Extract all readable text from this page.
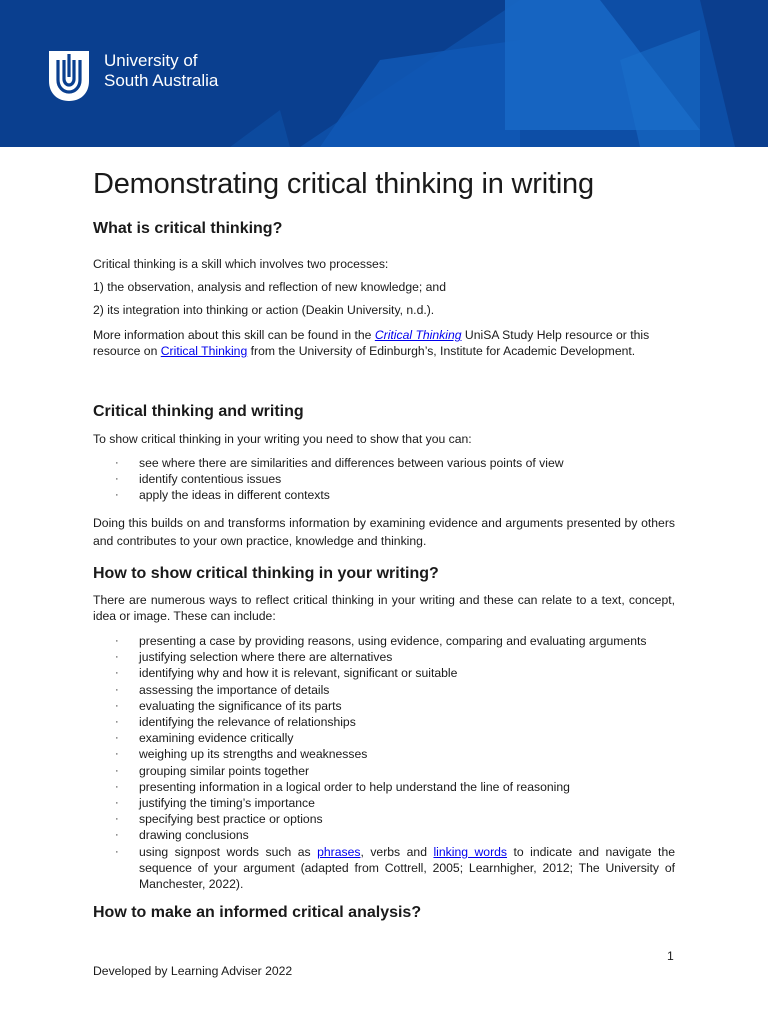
University of
South Australia
Demonstrating critical thinking in writing
What is critical thinking?

Critical thinking is a skill which involves two processes:

1) the observation, analysis and reflection of new knowledge; and

2) its integration into thinking or action (Deakin University, n.d.).

More information about this skill can be found in the Critical Thinking UniSA Study Help resource or this resource on Critical Thinking from the University of Edinburgh’s, Institute for Academic Development.

Critical thinking and writing

To show critical thinking in your writing you need to show that you can:

· see where there are similarities and differences between various points of view
· identify contentious issues
· apply the ideas in different contexts

Doing this builds on and transforms information by examining evidence and arguments presented by others and contributes to your own practice, knowledge and thinking.

How to show critical thinking in your writing?

There are numerous ways to reflect critical thinking in your writing and these can relate to a text, concept, idea or image. These can include:

· presenting a case by providing reasons, using evidence, comparing and evaluating arguments
· justifying selection where there are alternatives
· identifying why and how it is relevant, significant or suitable
· assessing the importance of details
· evaluating the significance of its parts
· identifying the relevance of relationships
· examining evidence critically
· weighing up its strengths and weaknesses
· grouping similar points together
· presenting information in a logical order to help understand the line of reasoning
· justifying the timing’s importance
· specifying best practice or options
· drawing conclusions
· using signpost words such as phrases, verbs and linking words to indicate and navigate the sequence of your argument (adapted from Cottrell, 2005; Learnhigher, 2012; The University of Manchester, 2022).
How to make an informed critical analysis?
1
Developed by Learning Adviser 2022
